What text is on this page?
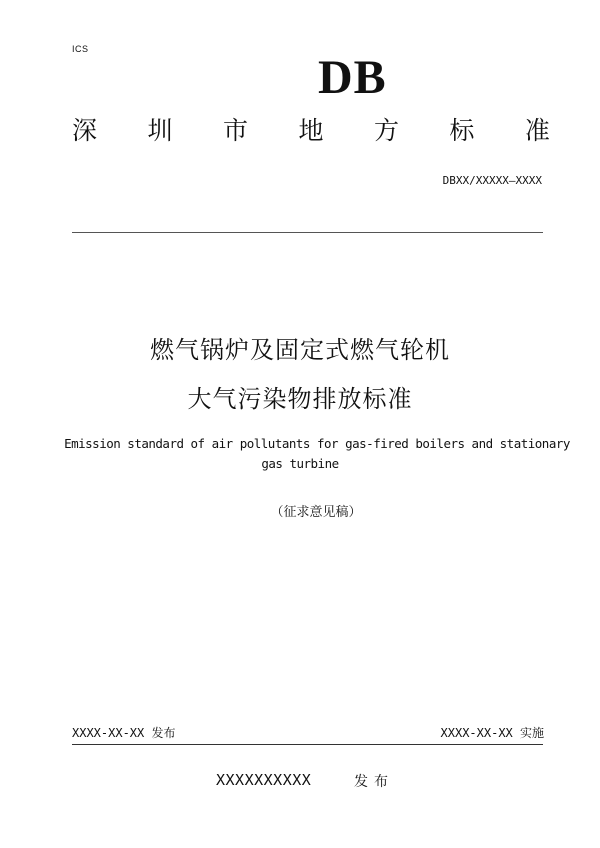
ICS
DB
深 圳 市 地 方 标 准
DBXX/XXXXX—XXXX
燃气锅炉及固定式燃气轮机
大气污染物排放标准
Emission standard of air pollutants for gas-fired boilers and stationary
gas turbine
（征求意见稿）
XXXX-XX-XX 发布	XXXX-XX-XX 实施
XXXXXXXXXX	发布
